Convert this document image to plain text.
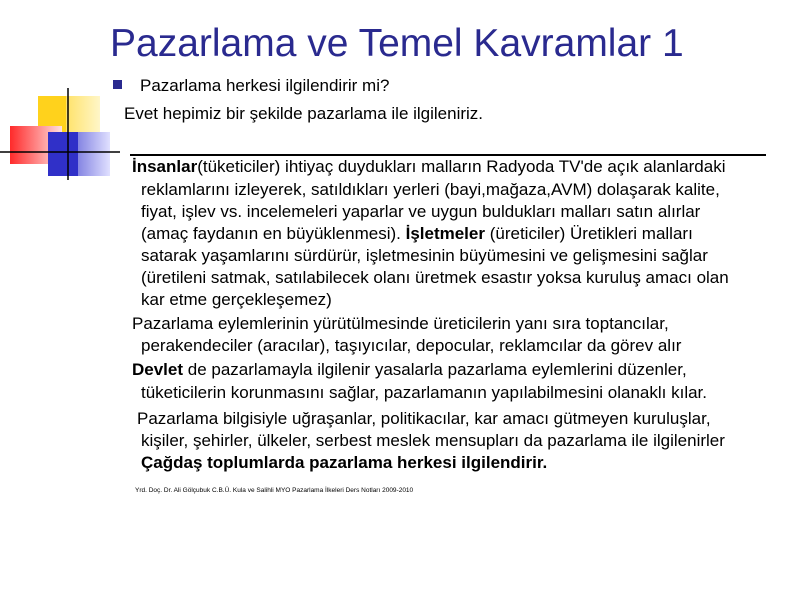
Pazarlama ve Temel Kavramlar 1
Pazarlama herkesi ilgilendirir mi?
Evet hepimiz bir şekilde pazarlama ile ilgileniriz.
İnsanlar(tüketiciler) ihtiyaç duydukları malların Radyoda TV'de açık alanlardaki
reklamlarını izleyerek, satıldıkları yerleri (bayi,mağaza,AVM) dolaşarak kalite,
fiyat, işlev vs. incelemeleri yaparlar ve uygun buldukları malları satın alırlar
(amaç faydanın en büyüklenmesi). İşletmeler (üreticiler) Üretikleri malları
satarak yaşamlarını sürdürür, işletmesinin büyümesini ve gelişmesini sağlar
(üretileni satmak, satılabilecek olanı üretmek esastır yoksa kuruluş amacı olan
kar etme gerçekleşemez)
Pazarlama eylemlerinin yürütülmesinde üreticilerin yanı sıra toptancılar,
perakendeciler (aracılar), taşıyıcılar, depocular, reklamcılar da görev alır
Devlet de pazarlamayla ilgilenir yasalarla pazarlama eylemlerini düzenler,
tüketicilerin korunmasını sağlar, pazarlamanın yapılabilmesini olanaklı kılar.
Pazarlama bilgisiyle uğraşanlar, politikacılar, kar amacı gütmeyen kuruluşlar,
kişiler, şehirler, ülkeler, serbest meslek mensupları da pazarlama ile ilgilenirler
Çağdaş toplumlarda pazarlama herkesi ilgilendirir.
Yrd. Doç. Dr. Ali Gölçubuk C.B.Ü. Kula ve Salihli MYO Pazarlama İlkeleri Ders Notları 2009-2010
